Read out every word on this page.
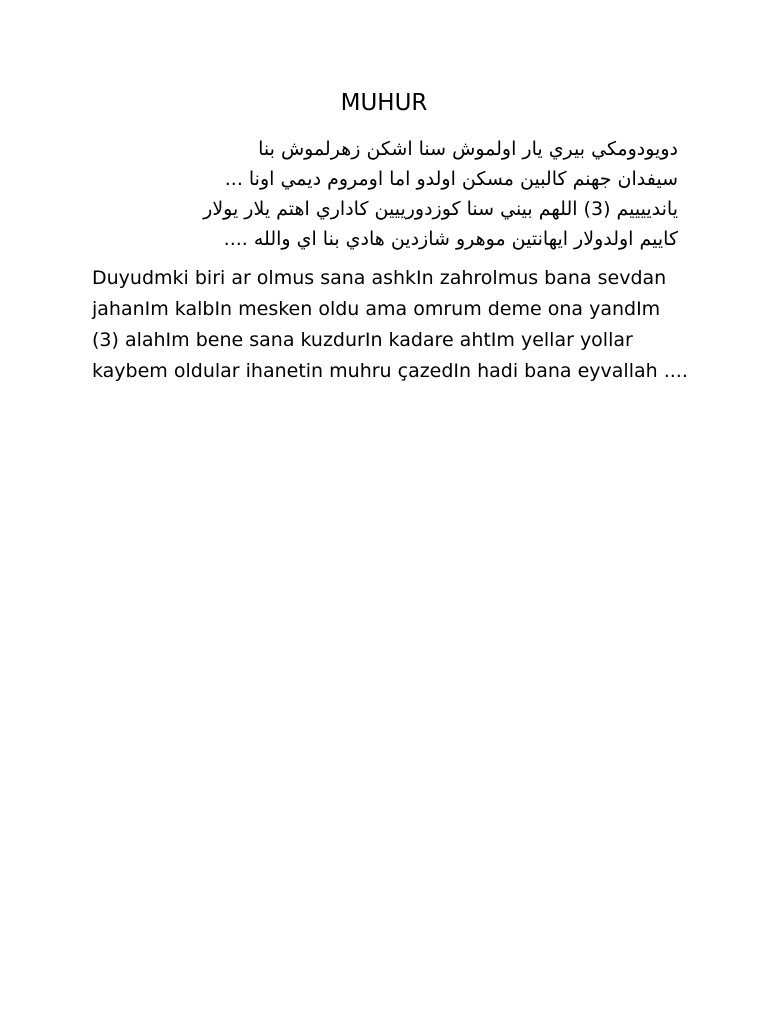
MUHUR
دويودومكي بيري يار اولموش سنا اشكن زهرلموش بنا
سيفدان جهنم كالبين مسكن اولدو اما اومروم ديمي اونا ...
ياندييييم (3) اللهم بيني سنا كوزدورييين كاداري اهتم يلار يولار
كاييم اولدولار ايهانتين موهرو شازدين هادي بنا اي والله ....
Duyudmki biri ar olmus sana ashkIn zahrolmus bana sevdan
jahanIm kalbIn mesken oldu ama omrum deme ona yandIm
(3) alahIm bene sana kuzdurIn kadare ahtIm yellar yollar
kaybem oldular ihanetin muhru çazedIn hadi bana eyvallah ....
